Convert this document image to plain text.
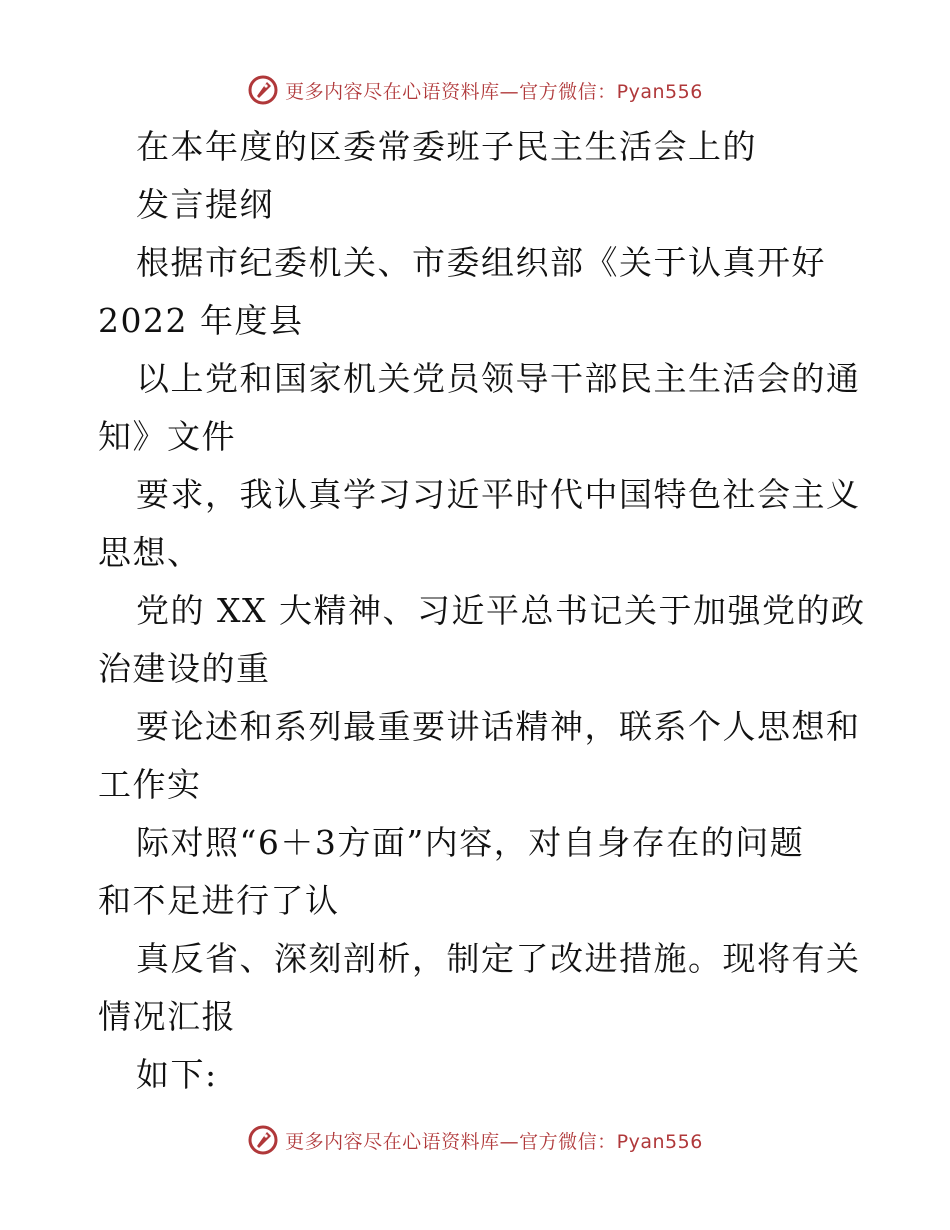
更多内容尽在心语资料库—官方微信：Pyan556
在本年度的区委常委班子民主生活会上的
发言提纲
根据市纪委机关、市委组织部《关于认真开好
2022 年度县
以上党和国家机关党员领导干部民主生活会的通
知》文件
要求，我认真学习习近平时代中国特色社会主义
思想、
党的 XX 大精神、习近平总书记关于加强党的政
治建设的重
要论述和系列最重要讲话精神，联系个人思想和
工作实
际对照“6＋3方面”内容，对自身存在的问题
和不足进行了认
真反省、深刻剖析，制定了改进措施。现将有关
情况汇报
如下:
更多内容尽在心语资料库—官方微信：Pyan556
